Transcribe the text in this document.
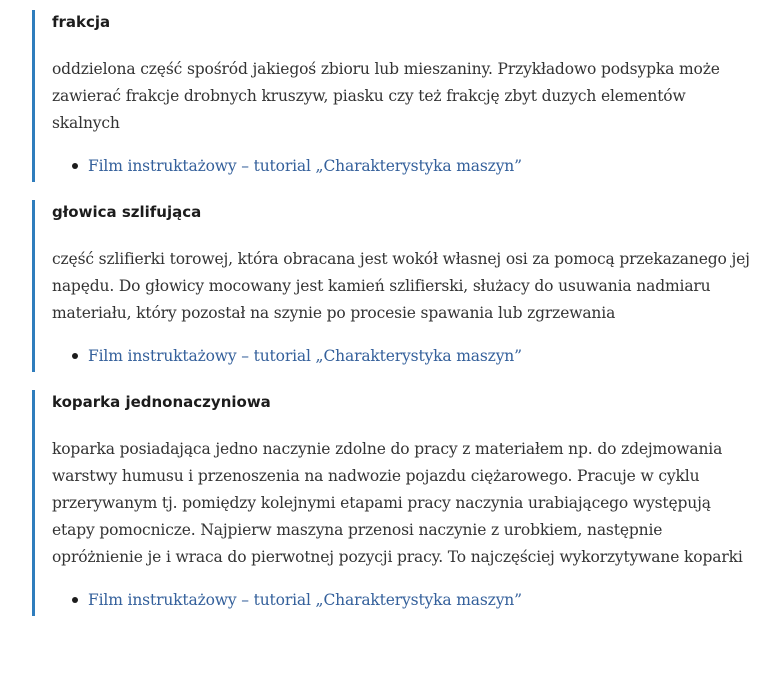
frakcja

oddzielona część spośród jakiegoś zbioru lub mieszaniny. Przykładowo podsypka może zawierać frakcje drobnych kruszyw, piasku czy też frakcję zbyt duzych elementów skalnych

Film instruktażowy – tutorial „Charakterystyka maszyn”
głowica szlifująca

część szlifierki torowej, która obracana jest wokół własnej osi za pomocą przekazanego jej napędu. Do głowicy mocowany jest kamień szlifierski, służacy do usuwania nadmiaru materiału, który pozostał na szynie po procesie spawania lub zgrzewania

Film instruktażowy – tutorial „Charakterystyka maszyn”
koparka jednonaczyniowa

koparka posiadająca jedno naczynie zdolne do pracy z materiałem np. do zdejmowania warstwy humusu i przenoszenia na nadwozie pojazdu ciężarowego. Pracuje w cyklu przerywanym tj. pomiędzy kolejnymi etapami pracy naczynia urabiającego występują etapy pomocnicze. Najpierw maszyna przenosi naczynie z urobkiem, następnie opróżnienie je i wraca do pierwotnej pozycji pracy. To najczęściej wykorzytywane koparki

Film instruktażowy – tutorial „Charakterystyka maszyn”
